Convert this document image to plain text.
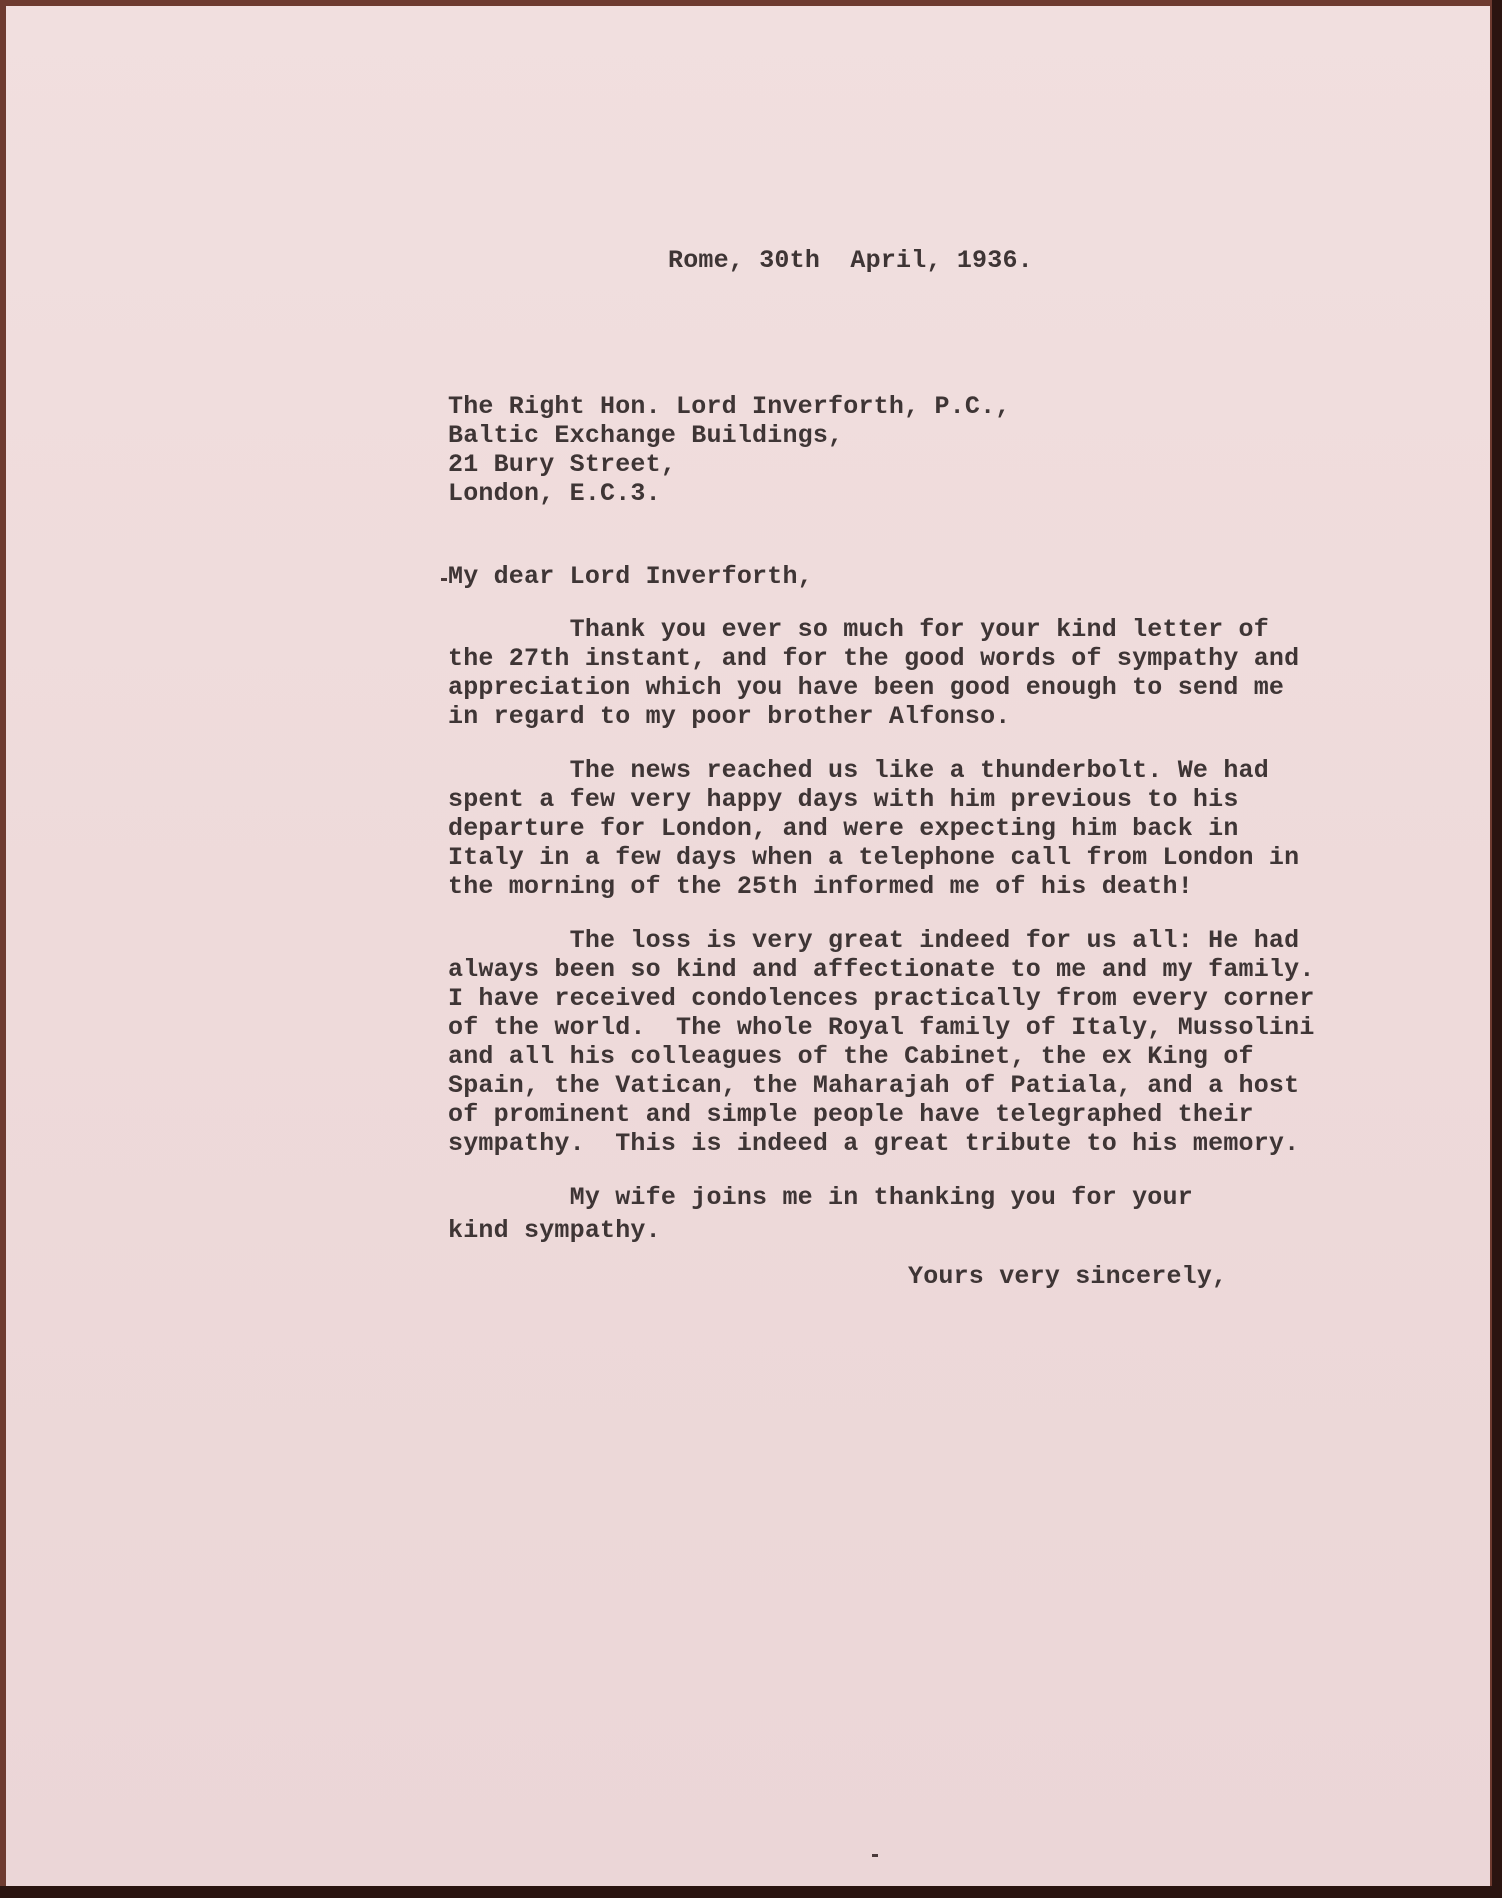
Rome, 30th  April, 1936.
The Right Hon. Lord Inverforth, P.C.,
Baltic Exchange Buildings,
21 Bury Street,
London, E.C.3.
My dear Lord Inverforth,
Thank you ever so much for your kind letter of
the 27th instant, and for the good words of sympathy and
appreciation which you have been good enough to send me
in regard to my poor brother Alfonso.
The news reached us like a thunderbolt. We had
spent a few very happy days with him previous to his
departure for London, and were expecting him back in
Italy in a few days when a telephone call from London in
the morning of the 25th informed me of his death!
The loss is very great indeed for us all: He had
always been so kind and affectionate to me and my family.
I have received condolences practically from every corner
of the world.  The whole Royal family of Italy, Mussolini
and all his colleagues of the Cabinet, the ex King of
Spain, the Vatican, the Maharajah of Patiala, and a host
of prominent and simple people have telegraphed their
sympathy.  This is indeed a great tribute to his memory.
My wife joins me in thanking you for your
kind sympathy.
Yours very sincerely,
